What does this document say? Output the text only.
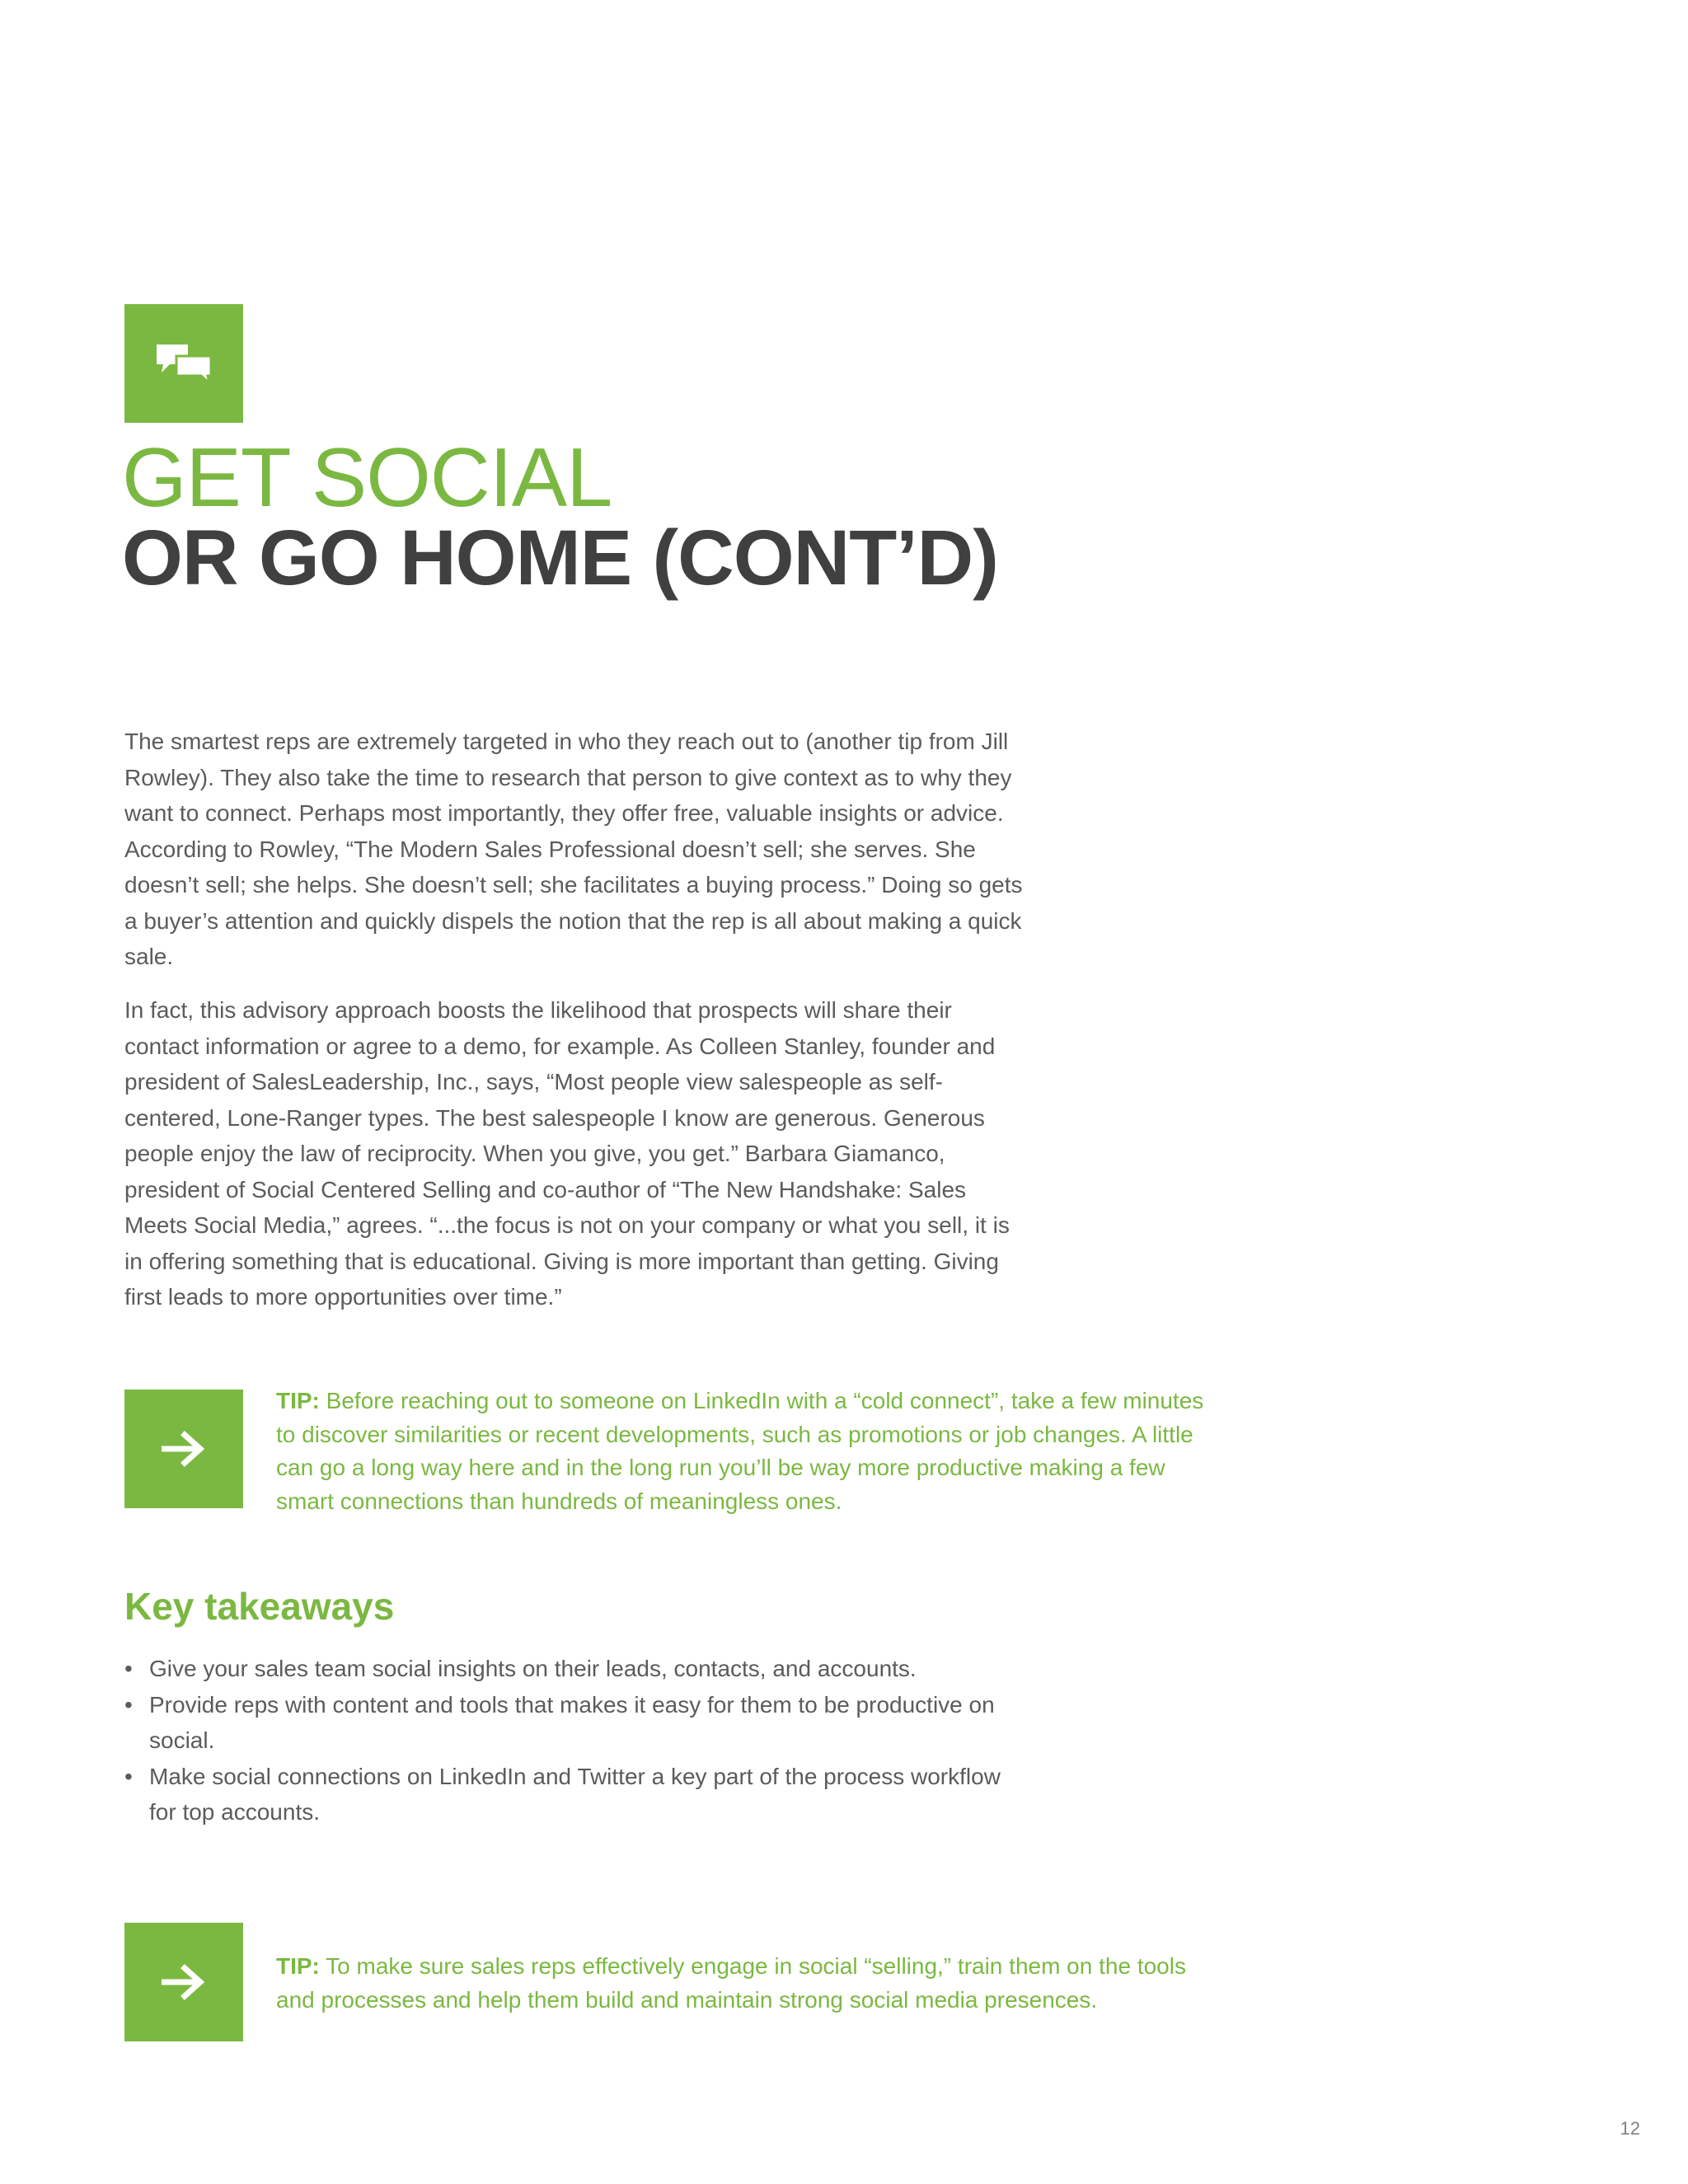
GET SOCIAL
OR GO HOME (CONT’D)

The smartest reps are extremely targeted in who they reach out to (another tip from Jill Rowley). They also take the time to research that person to give context as to why they want to connect. Perhaps most importantly, they offer free, valuable insights or advice. According to Rowley, “The Modern Sales Professional doesn’t sell; she serves. She doesn’t sell; she helps. She doesn’t sell; she facilitates a buying process.” Doing so gets a buyer’s attention and quickly dispels the notion that the rep is all about making a quick sale.

In fact, this advisory approach boosts the likelihood that prospects will share their contact information or agree to a demo, for example. As Colleen Stanley, founder and president of SalesLeadership, Inc., says, “Most people view salespeople as self-centered, Lone-Ranger types. The best salespeople I know are generous. Generous people enjoy the law of reciprocity. When you give, you get.” Barbara Giamanco, president of Social Centered Selling and co-author of “The New Handshake: Sales Meets Social Media,” agrees. “...the focus is not on your company or what you sell, it is in offering something that is educational. Giving is more important than getting. Giving first leads to more opportunities over time.”

TIP: Before reaching out to someone on LinkedIn with a “cold connect”, take a few minutes to discover similarities or recent developments, such as promotions or job changes. A little can go a long way here and in the long run you’ll be way more productive making a few smart connections than hundreds of meaningless ones.

Key takeaways
• Give your sales team social insights on their leads, contacts, and accounts.
• Provide reps with content and tools that makes it easy for them to be productive on social.
• Make social connections on LinkedIn and Twitter a key part of the process workflow for top accounts.

TIP: To make sure sales reps effectively engage in social “selling,” train them on the tools and processes and help them build and maintain strong social media presences.

12
